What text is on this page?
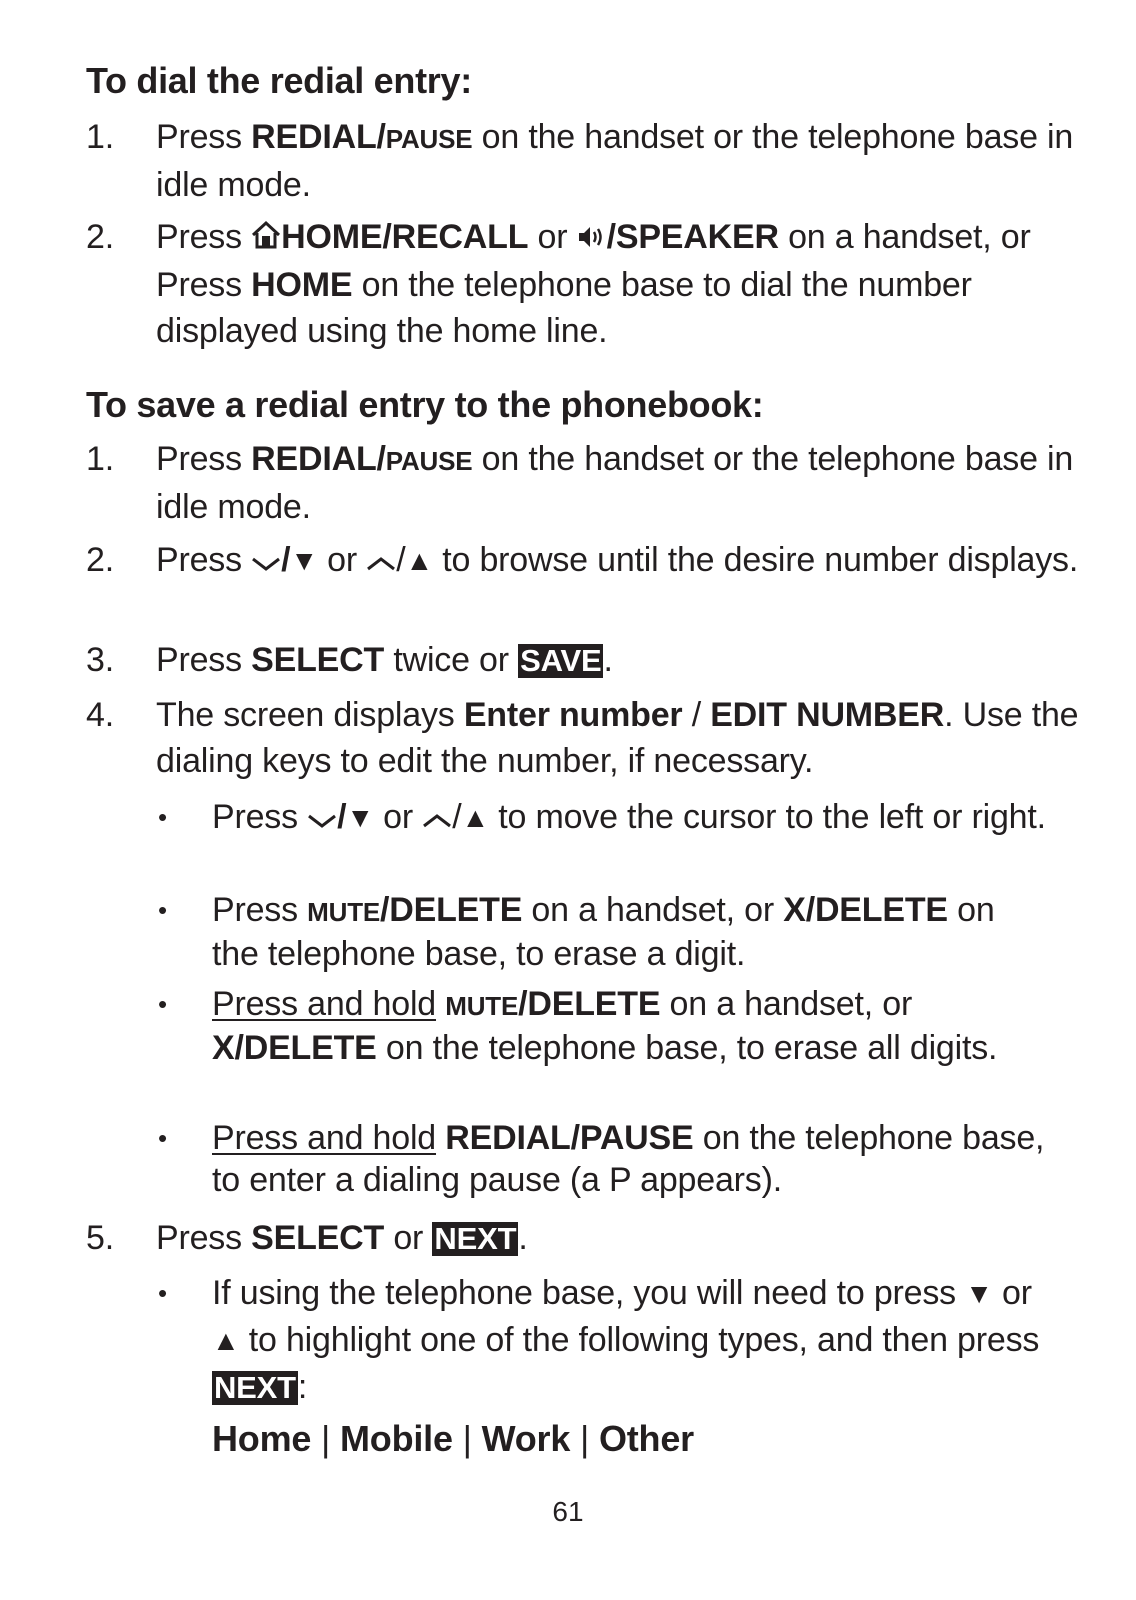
To dial the redial entry:
1. Press REDIAL/PAUSE on the handset or the telephone base in idle mode.
2. Press HOME/RECALL or /SPEAKER on a handset, or Press HOME on the telephone base to dial the number displayed using the home line.
To save a redial entry to the phonebook:
1. Press REDIAL/PAUSE on the handset or the telephone base in idle mode.
2. Press /▼ or /▲ to browse until the desire number displays.
3. Press SELECT twice or SAVE.
4. The screen displays Enter number / EDIT NUMBER. Use the dialing keys to edit the number, if necessary.
• Press /▼ or /▲ to move the cursor to the left or right.
• Press MUTE/DELETE on a handset, or X/DELETE on the telephone base, to erase a digit.
• Press and hold MUTE/DELETE on a handset, or X/DELETE on the telephone base, to erase all digits.
• Press and hold REDIAL/PAUSE on the telephone base, to enter a dialing pause (a P appears).
5. Press SELECT or NEXT.
• If using the telephone base, you will need to press ▼ or ▲ to highlight one of the following types, and then press NEXT:
Home | Mobile | Work | Other
61
